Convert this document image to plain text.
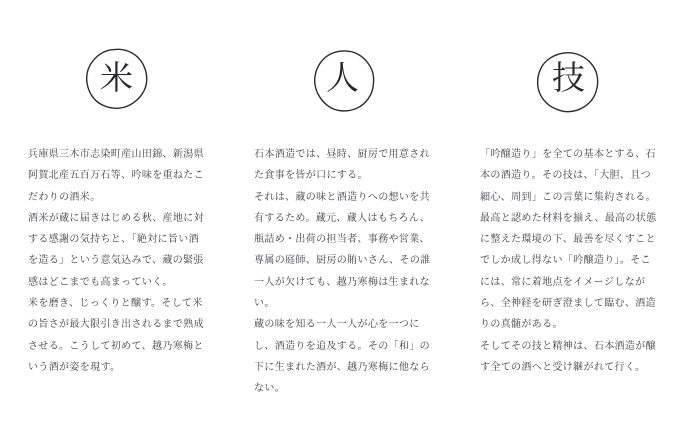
米
兵庫県三木市志染町産山田錦、新潟県
阿賀北産五百万石等、吟味を重ねたこ
だわりの酒米。
酒米が蔵に届きはじめる秋、産地に対
する感謝の気持ちと、「絶対に旨い酒
を造る」という意気込みで、蔵の緊張
感はどこまでも高まっていく。
米を磨き、じっくりと醸す。そして米
の旨さが最大限引き出されるまで熟成
させる。こうして初めて、越乃寒梅と
いう酒が姿を現す。
人
石本酒造では、昼時、厨房で用意され
た食事を皆が口にする。
それは、蔵の味と酒造りへの想いを共
有するため。蔵元、蔵人はもちろん、
瓶詰め・出荷の担当者、事務や営業、
専属の庭師、厨房の賄いさん、その誰
一人が欠けても、越乃寒梅は生まれな
い。
蔵の味を知る一人一人が心を一つに
し、酒造りを追及する。その「和」の
下に生まれた酒が、越乃寒梅に他なら
ない。
技
「吟醸造り」を全ての基本とする、石
本の酒造り。その技は、「大胆、且つ
細心、周到」この言葉に集約される。
最高と認めた材料を揃え、最高の状態
に整えた環境の下、最善を尽くすこと
でしか成し得ない「吟醸造り」。そこ
には、常に着地点をイメージしなが
ら、全神経を研ぎ澄まして臨む、酒造
りの真髄がある。
そしてその技と精神は、石本酒造が醸
す全ての酒へと受け継がれて行く。
